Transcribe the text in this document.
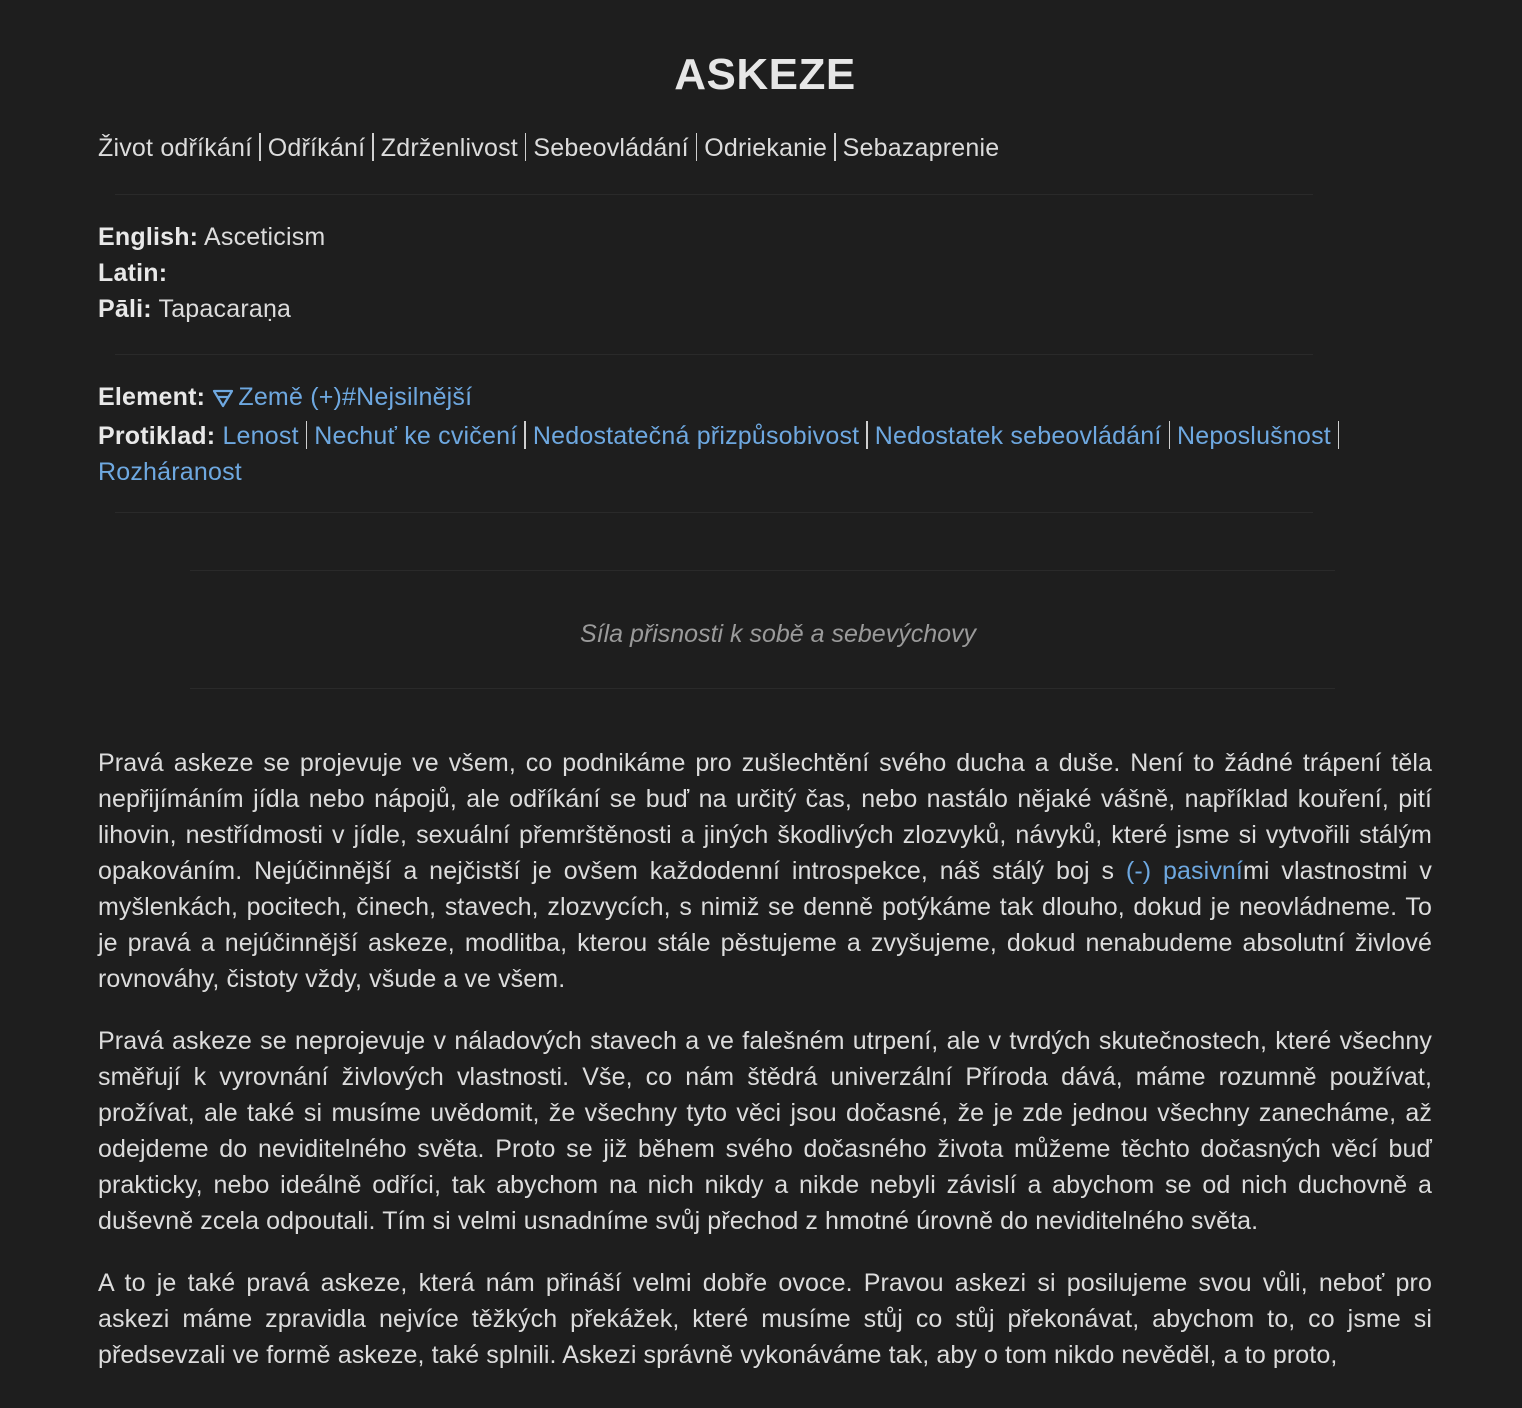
ASKEZE
Život odříkání Odříkání Zdrženlivost Sebeovládání Odriekanie Sebazaprenie
English: Asceticism
Latin:
Pāli: Tapacaraṇa
Element: Země (+)#Nejsilnější
Protiklad: Lenost Nechuť ke cvičení Nedostatečná přizpůsobivost Nedostatek sebeovládání Neposlušnost
Rozháranost
Síla přisnosti k sobě a sebevýchovy

Pravá askeze se projevuje ve všem, co podnikáme pro zušlechtění svého ducha a duše. Není to žádné trápení těla nepřijímáním jídla nebo nápojů, ale odříkání se buď na určitý čas, nebo nastálo nějaké vášně, například kouření, pití lihovin, nestřídmosti v jídle, sexuální přemrštěnosti a jiných škodlivých zlozvyků, návyků, které jsme si vytvořili stálým opakováním. Nejúčinnější a nejčistší je ovšem každodenní introspekce, náš stálý boj s (-) pasivními vlastnostmi v myšlenkách, pocitech, činech, stavech, zlozvycích, s nimiž se denně potýkáme tak dlouho, dokud je neovládneme. To je pravá a nejúčinnější askeze, modlitba, kterou stále pěstujeme a zvyšujeme, dokud nenabudeme absolutní živlové rovnováhy, čistoty vždy, všude a ve všem.

Pravá askeze se neprojevuje v náladových stavech a ve falešném utrpení, ale v tvrdých skutečnostech, které všechny směřují k vyrovnání živlových vlastnosti. Vše, co nám štědrá univerzální Příroda dává, máme rozumně používat, prožívat, ale také si musíme uvědomit, že všechny tyto věci jsou dočasné, že je zde jednou všechny zanecháme, až odejdeme do neviditelného světa. Proto se již během svého dočasného života můžeme těchto dočasných věcí buď prakticky, nebo ideálně odříci, tak abychom na nich nikdy a nikde nebyli závislí a abychom se od nich duchovně a duševně zcela odpoutali. Tím si velmi usnadníme svůj přechod z hmotné úrovně do neviditelného světa.

A to je také pravá askeze, která nám přináší velmi dobře ovoce. Pravou askezi si posilujeme svou vůli, neboť pro askezi máme zpravidla nejvíce těžkých překážek, které musíme stůj co stůj překonávat, abychom to, co jsme si předsevzali ve formě askeze, také splnili. Askezi správně vykonáváme tak, aby o tom nikdo nevěděl, a to proto,
